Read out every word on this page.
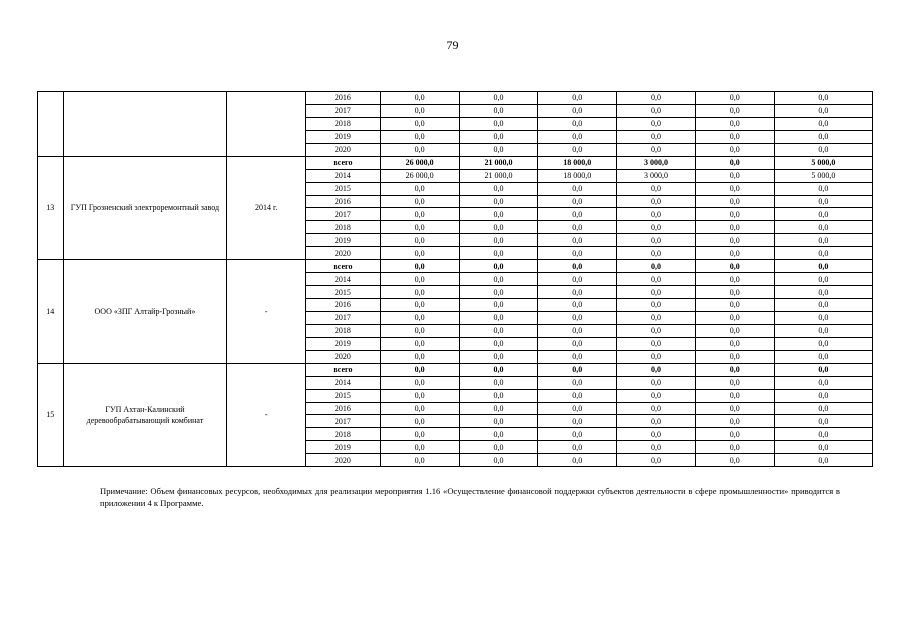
79
			2016	0,0	0,0	0,0	0,0	0,0	0,0
			2017	0,0	0,0	0,0	0,0	0,0	0,0
			2018	0,0	0,0	0,0	0,0	0,0	0,0
			2019	0,0	0,0	0,0	0,0	0,0	0,0
			2020	0,0	0,0	0,0	0,0	0,0	0,0
13	ГУП Грозненский электроремонтный завод	2014 г.	всего	26 000,0	21 000,0	18 000,0	3 000,0	0,0	5 000,0
			2014	26 000,0	21 000,0	18 000,0	3 000,0	0,0	5 000,0
			2015	0,0	0,0	0,0	0,0	0,0	0,0
			2016	0,0	0,0	0,0	0,0	0,0	0,0
			2017	0,0	0,0	0,0	0,0	0,0	0,0
			2018	0,0	0,0	0,0	0,0	0,0	0,0
			2019	0,0	0,0	0,0	0,0	0,0	0,0
			2020	0,0	0,0	0,0	0,0	0,0	0,0
14	ООО «ЗПГ Алтайр-Грозный»	-	всего	0,0	0,0	0,0	0,0	0,0	0,0
			2014	0,0	0,0	0,0	0,0	0,0	0,0
			2015	0,0	0,0	0,0	0,0	0,0	0,0
			2016	0,0	0,0	0,0	0,0	0,0	0,0
			2017	0,0	0,0	0,0	0,0	0,0	0,0
			2018	0,0	0,0	0,0	0,0	0,0	0,0
			2019	0,0	0,0	0,0	0,0	0,0	0,0
			2020	0,0	0,0	0,0	0,0	0,0	0,0
15	ГУП Ахтан-Калинский деревообрабатывающий комбинат	-	всего	0,0	0,0	0,0	0,0	0,0	0,0
			2014	0,0	0,0	0,0	0,0	0,0	0,0
			2015	0,0	0,0	0,0	0,0	0,0	0,0
			2016	0,0	0,0	0,0	0,0	0,0	0,0
			2017	0,0	0,0	0,0	0,0	0,0	0,0
			2018	0,0	0,0	0,0	0,0	0,0	0,0
			2019	0,0	0,0	0,0	0,0	0,0	0,0
			2020	0,0	0,0	0,0	0,0	0,0	0,0
Примечание: Объем финансовых ресурсов, необходимых для реализации мероприятия 1.16 «Осуществление финансовой поддержки субъектов деятельности в сфере промышленности» приводится в приложении 4 к Программе.
